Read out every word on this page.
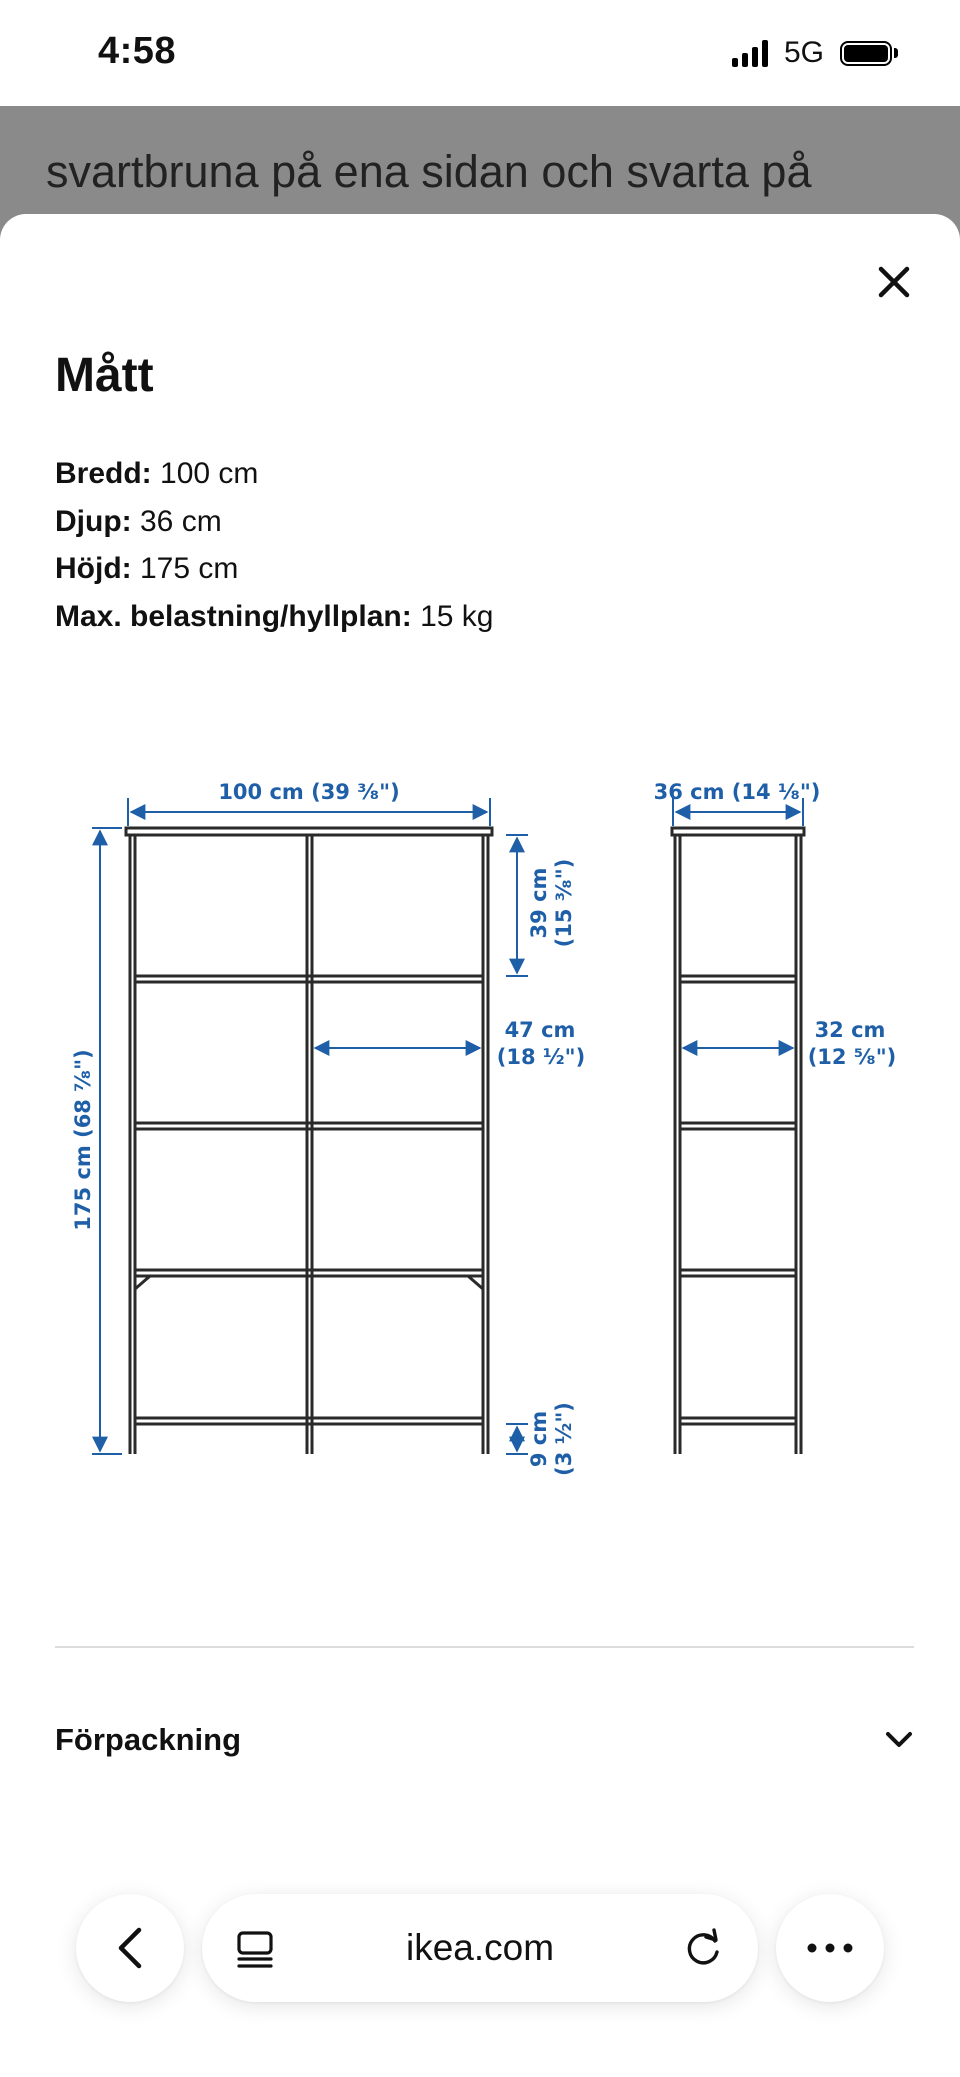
4:58	5G
svartbruna på ena sidan och svarta på
Mått
Bredd: 100 cm
Djup: 36 cm
Höjd: 175 cm
Max. belastning/hyllplan: 15 kg
100 cm (39 ³⁄₈")	36 cm (14 ¹⁄₈")
175 cm (68 ⁷⁄₈")
39 cm (15 ³⁄₈")
47 cm
(18 ½")
9 cm (3 ½")
32 cm
(12 ⁵⁄₈")
Förpackning
ikea.com
